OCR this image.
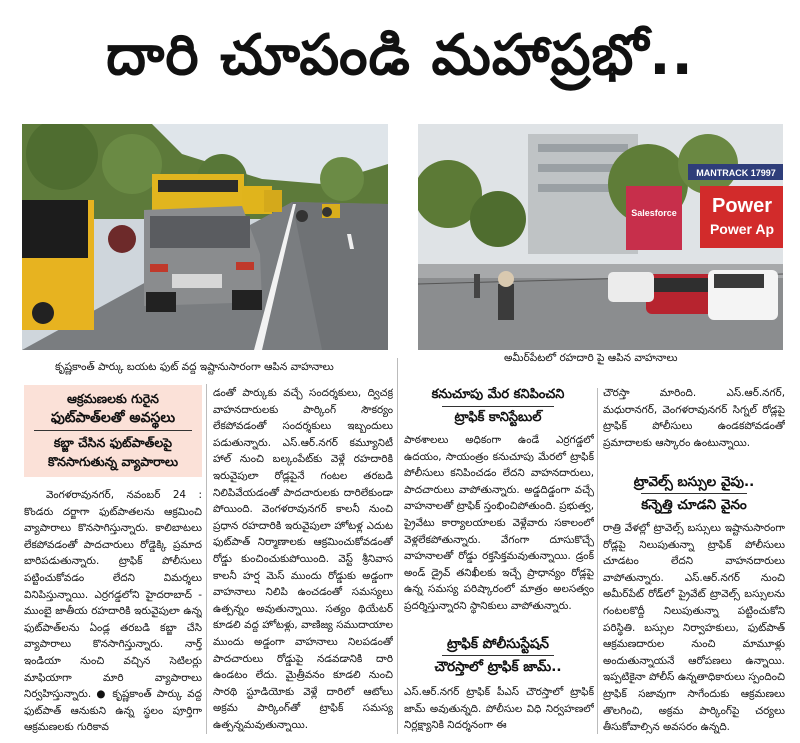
దారి చూపండి మహాప్రభో..
కృష్ణకాంత్ పార్కు బయట ఫుట్ వద్ద ఇష్టానుసారంగా ఆపిన వాహనాలు
Salesforce
MANTRACK 17997
Power
Power Ap
అమీర్‌పేటలో రహదారి పై ఆపిన వాహనాలు
ఆక్రమణలకు గురైన
ఫుట్‌పాత్‌లతో అవస్థలు
కబ్జా చేసిన ఫుట్‌పాత్‌లపై
కొనసాగుతున్న వ్యాపారాలు

వెంగళరావునగర్, నవంబర్ 24 : కొండరు దర్జాగా ఫుట్‌పాతలను ఆక్రమించి వ్యాపారాలు కొనసాగిస్తున్నారు. కాలిబాటలు లేకపోవడంతో పాదచారులు రోడ్డెక్కి ప్రమాద బారిపడుతున్నారు. ట్రాఫిక్ పోలీసులు పట్టించుకోవడం లేదని విమర్శలు వినిపిస్తున్నాయి. ఎర్రగడ్డలోని హైదరాబాద్ - ముంబై జాతీయ రహదారికి ఇరువైపులా ఉన్న ఫుట్‌పాత్‌లను ఏండ్ల తరబడి కబ్జా చేసి వ్యాపారాలు కొనసాగిస్తున్నారు. నార్త్ ఇండియా నుంచి వచ్చిన సెటిలర్లు మాఫియాగా మారి వ్యాపారాలు నిర్వహిస్తున్నారు. ● కృష్ణకాంత్ పార్కు వద్ద ఫుట్‌పాత్ ఆనుకుని ఉన్న స్థలం పూర్తిగా ఆక్రమణలకు గురికావ

డంతో పార్కుకు వచ్చే సందర్శకులు, ద్విచక్ర వాహనదారులకు పార్కింగ్ సౌకర్యం లేకపోవడంతో సందర్శకులు ఇబ్బందులు పడుతున్నారు. ఎస్.ఆర్.నగర్ కమ్యూనిటీ హాల్ నుంచి బల్కంపేట్‌కు వెళ్లే రహదారికి ఇరువైపులా రోడ్లపైనే గంటల తరబడి నిలిపివేయడంతో పాదచారులకు దారిలేకుండా పోయింది. వెంగళరావునగర్ కాలనీ నుంచి ప్రధాన రహదారికి ఇరువైపులా హోటళ్ల ఎదుట ఫుట్‌పాత్ నిర్మాణాలకు ఆక్రమించుకోవడంతో రోడ్డు కుంచించుకుపోయింది. వెస్ట్ శ్రీనివాస కాలనీ హర్ష మెస్ ముందు రోడ్డుకు అడ్డంగా వాహనాలు నిలిపి ఉంచడంతో సమస్యలు ఉత్పన్నం అవుతున్నాయి. సత్యం థియేటర్ కూడలి వద్ద హోటళ్లు, వాణిజ్య సముదాయాల ముందు అడ్డంగా వాహనాలు నిలపడంతో పాదచారులు రోడ్డుపై నడవడానికి దారి ఉండటం లేదు. మైత్రీవనం కూడలి నుంచి సారథి స్టూడియోకు వెళ్లే దారిలో ఆటోలు అక్రమ పార్కింగ్‌తో ట్రాఫిక్ సమస్య ఉత్పన్నమవుతున్నాయి.

కనుచూపు మేర కనిపించని
ట్రాఫిక్ కానిస్టేబుల్

పాఠశాలలు అధికంగా ఉండే ఎర్రగడ్డలో ఉదయం, సాయంత్రం కనుచూపు మేరలో ట్రాఫిక్ పోలీసులు కనిపించడం లేదని వాహనదారులు, పాదచారులు వాపోతున్నారు. అడ్డదిడ్డంగా వచ్చే వాహనాలతో ట్రాఫిక్ స్తంభించిపోతుంది. ప్రభుత్వ, ప్రైవేటు కార్యాలయాలకు వెళ్లేవారు సకాలంలో వెళ్లలేకపోతున్నారు. వేగంగా దూసుకొచ్చే వాహనాలతో రోడ్డు రక్తసిక్తమవుతున్నాయి. డ్రంక్ అండ్ డ్రైవ్ తనిఖీలకు ఇచ్చే ప్రాధాన్యం రోడ్లపై ఉన్న సమస్య పరిష్కారంలో మాత్రం అలసత్వం ప్రదర్శిస్తున్నారని స్థానికులు వాపోతున్నారు.

ట్రాఫిక్ పోలీసుస్టేషన్
చౌరస్తాలో ట్రాఫిక్ జామ్..

ఎస్.ఆర్.నగర్ ట్రాఫిక్ పీఎస్ చౌరస్తాలో ట్రాఫిక్ జామ్ అవుతున్నది. పోలీసుల విధి నిర్వహణలో నిర్లక్ష్యానికి నిదర్శనంగా ఈ

చౌరస్తా మారింది. ఎస్.ఆర్.నగర్, మధురానగర్, వెంగళరావునగర్ సిగ్నల్ రోడ్లపై ట్రాఫిక్ పోలీసులు ఉండకపోవడంతో ప్రమాదాలకు ఆస్కారం ఉంటున్నాయి.

ట్రావెల్స్ బస్సుల వైపు..
కన్నెత్తి చూడని వైనం

రాత్రి వేళల్లో ట్రావెల్స్ బస్సులు ఇష్టానుసారంగా రోడ్లపై నిలుపుతున్నా ట్రాఫిక్ పోలీసులు చూడటం లేదని వాహనదారులు వాపోతున్నారు. ఎస్.ఆర్.నగర్ నుంచి అమీర్‌పేట్ రోడ్‌లో ప్రైవేట్ ట్రావెల్స్ బస్సులను గంటలకొద్దీ నిలుపుతున్నా పట్టించుకోని పరిస్థితి. బస్సుల నిర్వాహకులు, ఫుట్‌పాత్ ఆక్రమణదారుల నుంచి మామూళ్లు అందుతున్నాయనే ఆరోపణలు ఉన్నాయి. ఇప్పటికైనా పోలీస్ ఉన్నతాధికారులు స్పందించి ట్రాఫిక్ సజావుగా సాగేందుకు ఆక్రమణలు తొలగించి, అక్రమ పార్కింగ్‌పై చర్యలు తీసుకోవాల్సిన అవసరం ఉన్నది.
